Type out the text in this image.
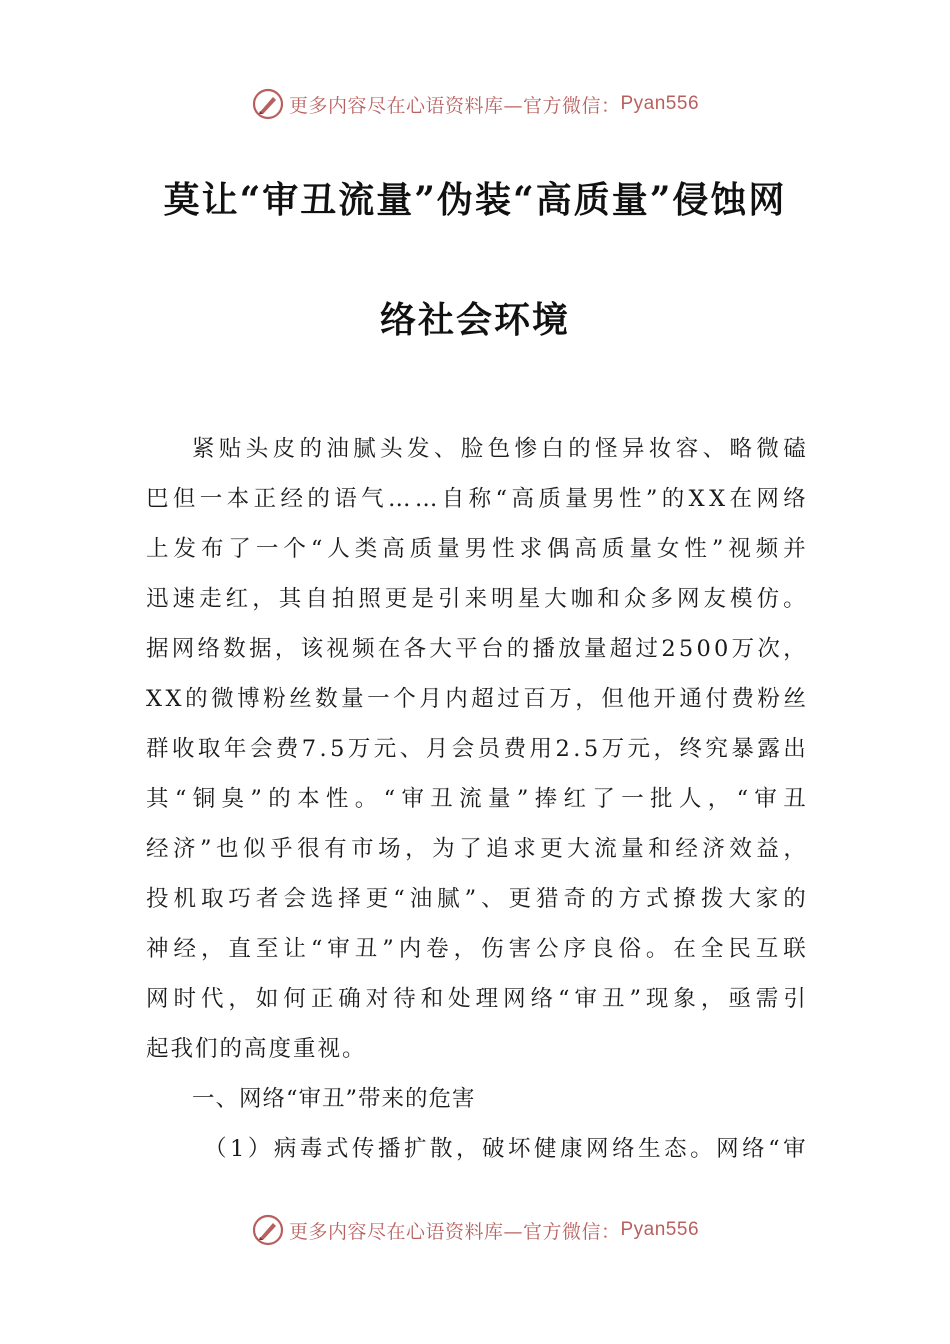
更多内容尽在心语资料库—官方微信： Pyan556
莫让“审丑流量”伪装“高质量”侵蚀网
络社会环境
紧 贴 头 皮 的 油 腻 头 发 、 脸 色 惨 白 的 怪 异 妆 容 、 略 微 磕
巴 但 一 本 正 经 的 语 气 … … 自 称 “ 高 质 量 男 性 ” 的 X X 在 网 络
上 发 布 了 一 个 “ 人 类 高 质 量 男 性 求 偶 高 质 量 女 性 ” 视 频 并
迅 速 走 红 ， 其 自 拍 照 更 是 引 来 明 星 大 咖 和 众 多 网 友 模 仿 。
据 网 络 数 据 ， 该 视 频 在 各 大 平 台 的 播 放 量 超 过 2 5 0 0 万 次 ，
X X 的 微 博 粉 丝 数 量 一 个 月 内 超 过 百 万 ， 但 他 开 通 付 费 粉 丝
群 收 取 年 会 费 7 . 5 万 元 、 月 会 员 费 用 2 . 5 万 元 ， 终 究 暴 露 出
其 “ 铜 臭 ” 的 本 性 。 “ 审 丑 流 量 ” 捧 红 了 一 批 人 ， “ 审 丑
经 济 ” 也 似 乎 很 有 市 场 ， 为 了 追 求 更 大 流 量 和 经 济 效 益 ，
投 机 取 巧 者 会 选 择 更 “ 油 腻 ” 、 更 猎 奇 的 方 式 撩 拨 大 家 的
神 经 ， 直 至 让 “ 审 丑 ” 内 卷 ， 伤 害 公 序 良 俗 。 在 全 民 互 联
网 时 代 ， 如 何 正 确 对 待 和 处 理 网 络 “ 审 丑 ” 现 象 ， 亟 需 引
起我们的高度重视。
一、网络“审丑”带来的危害
（ 1 ） 病 毒 式 传 播 扩 散 ， 破 坏 健 康 网 络 生 态 。 网 络 “ 审
更多内容尽在心语资料库—官方微信： Pyan556
